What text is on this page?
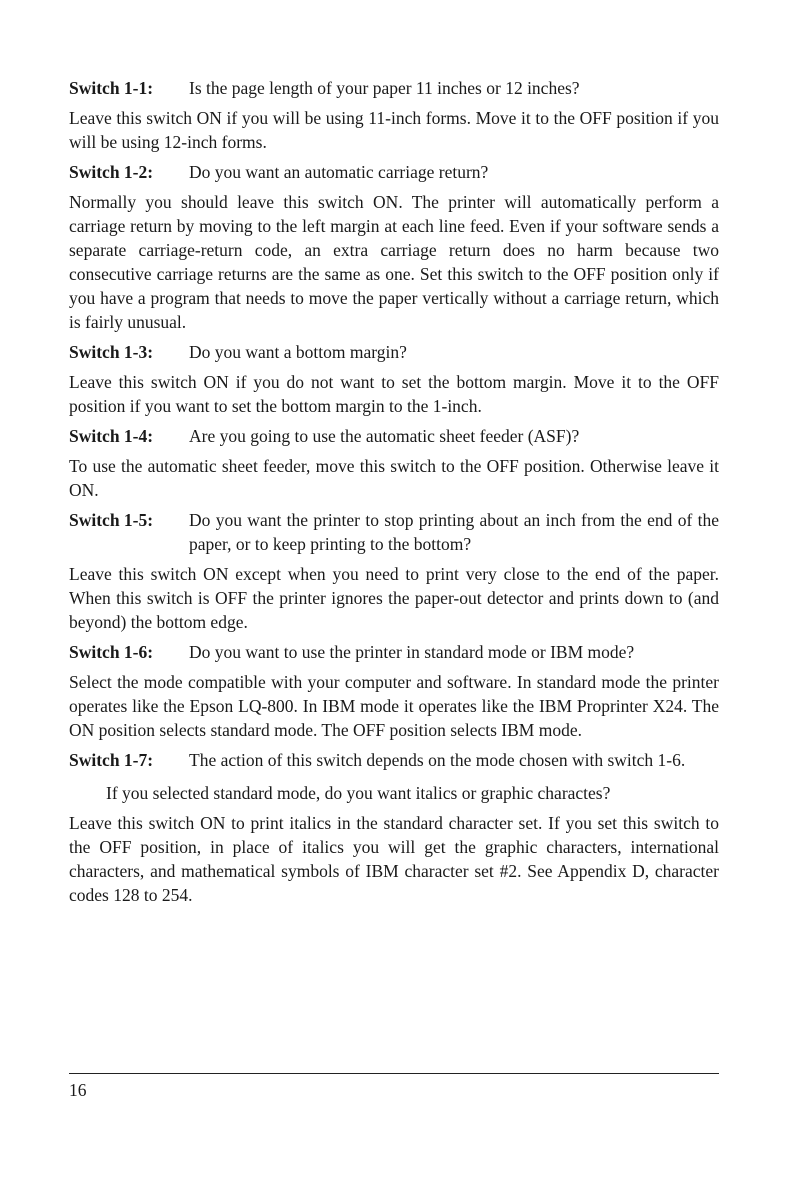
Switch 1-1:	Is the page length of your paper 11 inches or 12 inches?
Leave this switch ON if you will be using 11-inch forms. Move it to the OFF position if you will be using 12-inch forms.
Switch 1-2:	Do you want an automatic carriage return?
Normally you should leave this switch ON. The printer will automatically perform a carriage return by moving to the left margin at each line feed. Even if your software sends a separate carriage-return code, an extra carriage return does no harm because two consecutive carriage returns are the same as one. Set this switch to the OFF position only if you have a program that needs to move the paper vertically without a carriage return, which is fairly unusual.
Switch 1-3:	Do you want a bottom margin?
Leave this switch ON if you do not want to set the bottom margin. Move it to the OFF position if you want to set the bottom margin to the 1-inch.
Switch 1-4:	Are you going to use the automatic sheet feeder (ASF)?
To use the automatic sheet feeder, move this switch to the OFF position. Otherwise leave it ON.
Switch 1-5:	Do you want the printer to stop printing about an inch from the end of the paper, or to keep printing to the bottom?
Leave this switch ON except when you need to print very close to the end of the paper. When this switch is OFF the printer ignores the paper-out detector and prints down to (and beyond) the bottom edge.
Switch 1-6:	Do you want to use the printer in standard mode or IBM mode?
Select the mode compatible with your computer and software. In standard mode the printer operates like the Epson LQ-800. In IBM mode it operates like the IBM Proprinter X24. The ON position selects standard mode. The OFF position selects IBM mode.
Switch 1-7:	The action of this switch depends on the mode chosen with switch 1-6.
If you selected standard mode, do you want italics or graphic charactes?
Leave this switch ON to print italics in the standard character set. If you set this switch to the OFF position, in place of italics you will get the graphic characters, international characters, and mathematical symbols of IBM character set #2. See Appendix D, character codes 128 to 254.
16
